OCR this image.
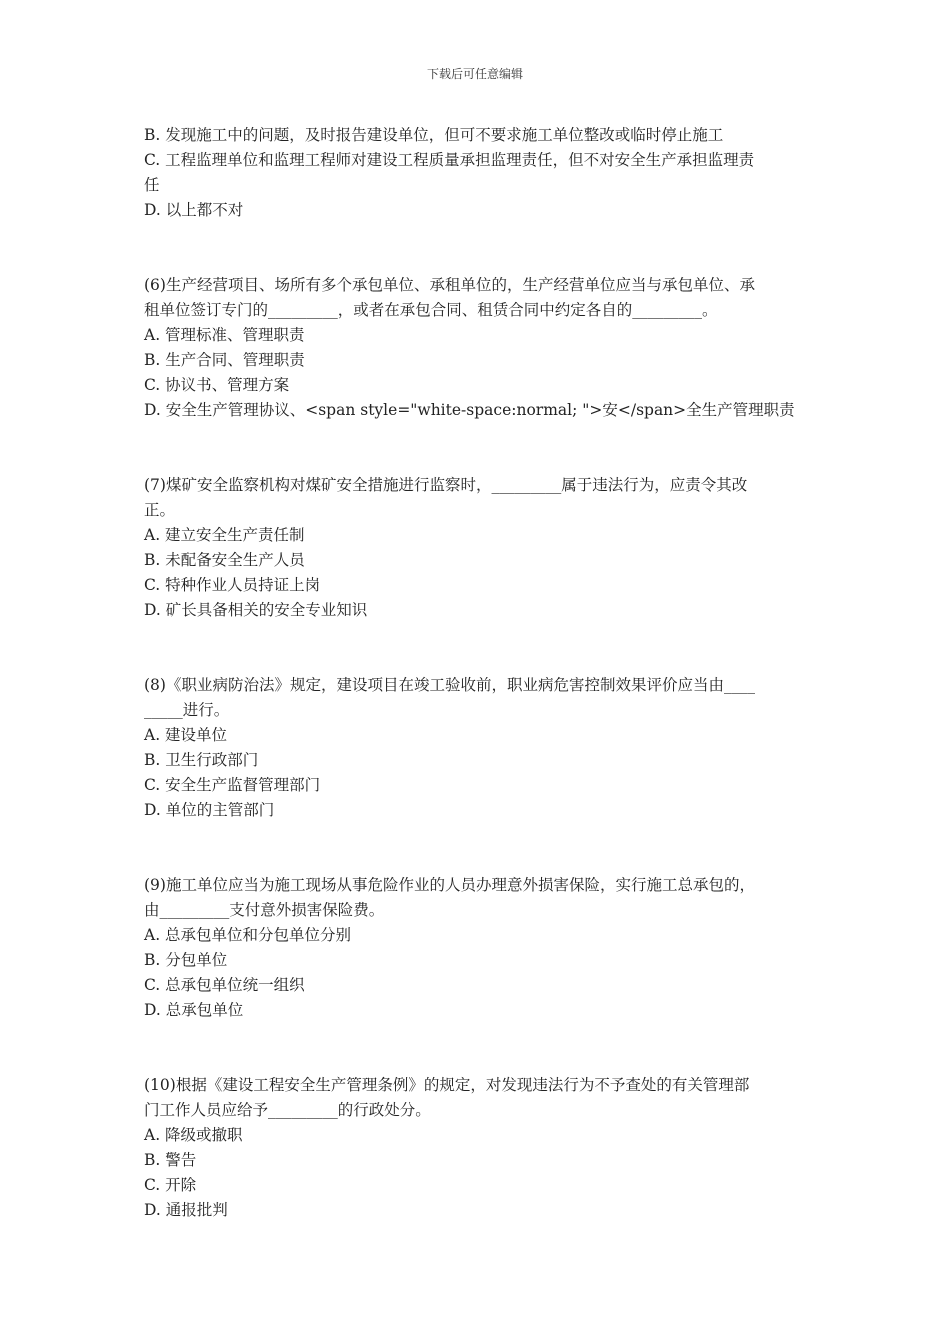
下载后可任意编辑
B. 发现施工中的问题，及时报告建设单位，但可不要求施工单位整改或临时停止施工
C. 工程监理单位和监理工程师对建设工程质量承担监理责任，但不对安全生产承担监理责
任
D. 以上都不对
(6)生产经营项目、场所有多个承包单位、承租单位的，生产经营单位应当与承包单位、承
租单位签订专门的_________，或者在承包合同、租赁合同中约定各自的_________。
A. 管理标准、管理职责
B. 生产合同、管理职责
C. 协议书、管理方案
D. 安全生产管理协议、<span style="white-space:normal; ">安</span>全生产管理职责
(7)煤矿安全监察机构对煤矿安全措施进行监察时，_________属于违法行为，应责令其改
正。
A. 建立安全生产责任制
B. 未配备安全生产人员
C. 特种作业人员持证上岗
D. 矿长具备相关的安全专业知识
(8)《职业病防治法》规定，建设项目在竣工验收前，职业病危害控制效果评价应当由____
_____进行。
A. 建设单位
B. 卫生行政部门
C. 安全生产监督管理部门
D. 单位的主管部门
(9)施工单位应当为施工现场从事危险作业的人员办理意外损害保险，实行施工总承包的，
由_________支付意外损害保险费。
A. 总承包单位和分包单位分别
B. 分包单位
C. 总承包单位统一组织
D. 总承包单位
(10)根据《建设工程安全生产管理条例》的规定，对发现违法行为不予查处的有关管理部
门工作人员应给予_________的行政处分。
A. 降级或撤职
B. 警告
C. 开除
D. 通报批判
